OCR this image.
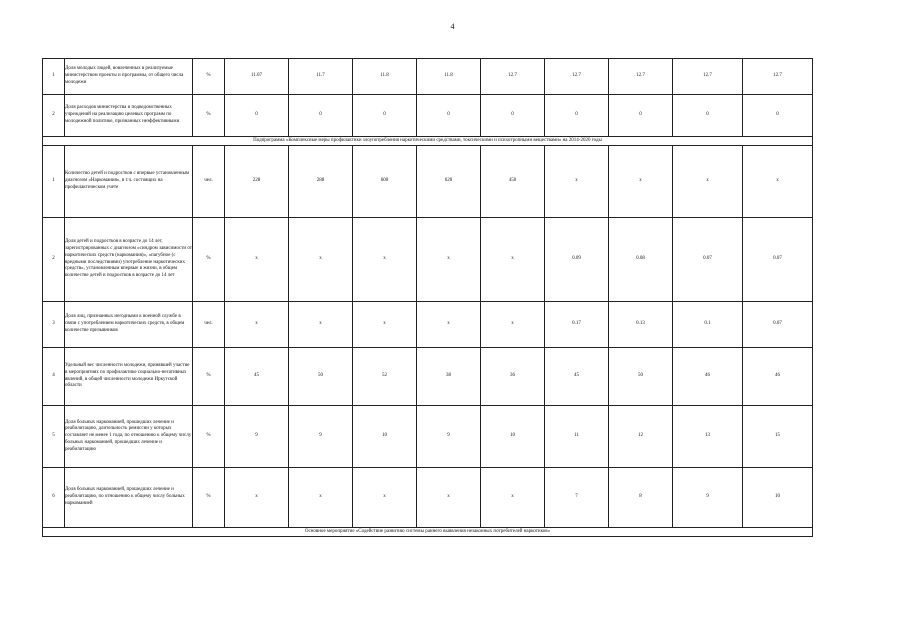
4
1	Доля молодых людей, вовлеченных в реализуемые министерством проекты и программы, от общего числа молодежи	%	11.07	11.7	11.8	11.8	12.7	12.7	12.7	12.7	12.7
2	Доля расходов министерства и подведомственных учреждений на реализацию целевых программ по молодежной политике, признанных неэффективными	%	0	0	0	0	0	0	0	0	0
Подпрограмма «Комплексные меры профилактики злоупотребления наркотическими средствами, токсическими и психотропными веществами» на 2014-2020 годы											
1	Количество детей и подростков с впервые установленным диагнозом «Наркомания», в т.ч. состоящих на профилактическом учете	чел.	228	288	600	620	450	х	х	х	х
2	Доля детей и подростков в возрасте до 14 лет, зарегистрированных с диагнозом «синдром зависимости от наркотических средств (наркомания)», «пагубное (с вредными последствиями) употребление наркотических средств», установленным впервые в жизни, в общем количестве детей и подростков в возрасте до 14 лет	%	х	х	х	х	х	0.09	0.08	0.07	0.07
3	Доля лиц, признанных негодными к военной службе в связи с употреблением наркотических средств, в общем количестве призывников	чел.	х	х	х	х	х	0.17	0.13	0.1	0.07
4	Удельный вес численности молодежи, принявшей участие в мероприятиях по профилактике социально-негативных явлений, в общей численности молодежи Иркутской области	%	45	50	52	38	36	45	50	46	46
5	Доля больных наркоманией, прошедших лечение и реабилитацию, длительность ремиссии у которых составляет не менее 1 года, по отношению к общему числу больных наркоманией, прошедших лечение и реабилитацию	%	9	9	10	9	10	11	12	13	15
6	Доля больных наркоманией, прошедших лечение и реабилитацию, по отношению к общему числу больных наркоманией	%	х	х	х	х	х	7	8	9	10
Основное мероприятие «Содействие развитию системы раннего выявления незаконных потребителей наркотиков»											
